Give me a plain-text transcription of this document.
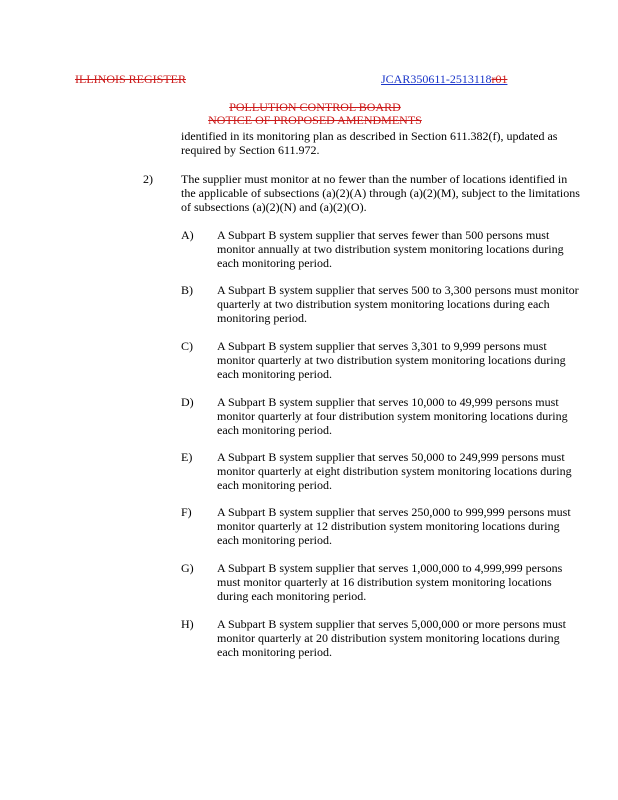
ILLINOIS REGISTER	JCAR350611-2513118r01
POLLUTION CONTROL BOARD
NOTICE OF PROPOSED AMENDMENTS
identified in its monitoring plan as described in Section 611.382(f), updated as required by Section 611.972.
2) The supplier must monitor at no fewer than the number of locations identified in the applicable of subsections (a)(2)(A) through (a)(2)(M), subject to the limitations of subsections (a)(2)(N) and (a)(2)(O).
A) A Subpart B system supplier that serves fewer than 500 persons must monitor annually at two distribution system monitoring locations during each monitoring period.
B) A Subpart B system supplier that serves 500 to 3,300 persons must monitor quarterly at two distribution system monitoring locations during each monitoring period.
C) A Subpart B system supplier that serves 3,301 to 9,999 persons must monitor quarterly at two distribution system monitoring locations during each monitoring period.
D) A Subpart B system supplier that serves 10,000 to 49,999 persons must monitor quarterly at four distribution system monitoring locations during each monitoring period.
E) A Subpart B system supplier that serves 50,000 to 249,999 persons must monitor quarterly at eight distribution system monitoring locations during each monitoring period.
F) A Subpart B system supplier that serves 250,000 to 999,999 persons must monitor quarterly at 12 distribution system monitoring locations during each monitoring period.
G) A Subpart B system supplier that serves 1,000,000 to 4,999,999 persons must monitor quarterly at 16 distribution system monitoring locations during each monitoring period.
H) A Subpart B system supplier that serves 5,000,000 or more persons must monitor quarterly at 20 distribution system monitoring locations during each monitoring period.
